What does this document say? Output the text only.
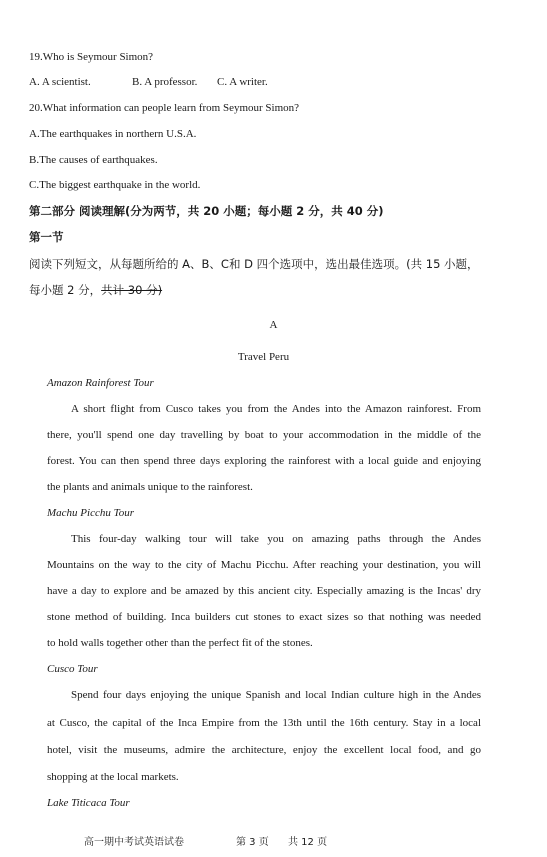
19.Who is Seymour Simon?
A. A scientist.	B. A professor. C. A writer.
20.What information can people learn from Seymour Simon?
A.The earthquakes in northern U.S.A.
B.The causes of earthquakes.
C.The biggest earthquake in the world.
第二部分 阅读理解(分为两节，共 20 小题；每小题 2 分，共 40 分)
第一节
阅读下列短文，从每题所给的 A、B、C和 D 四个选项中，选出最佳选项。(共 15 小题，
每小题 2 分，共计 30 分)
A
Travel Peru
Amazon Rainforest Tour
A short flight from Cusco takes you from the Andes into the Amazon rainforest. From
there, you'll spend one day travelling by boat to your accommodation in the middle of the
forest. You can then spend three days exploring the rainforest with a local guide and enjoying
the plants and animals unique to the rainforest.
Machu Picchu Tour
This four-day walking tour will take you on amazing paths through the Andes
Mountains on the way to the city of Machu Picchu. After reaching your destination, you will
have a day to explore and be amazed by this ancient city. Especially amazing is the Incas' dry
stone method of building. Inca builders cut stones to exact sizes so that nothing was needed
to hold walls together other than the perfect fit of the stones.
Cusco Tour
Spend four days enjoying the unique Spanish and local Indian culture high in the Andes
at Cusco, the capital of the Inca Empire from the 13th until the 16th century. Stay in a local
hotel, visit the museums, admire the architecture, enjoy the excellent local food, and go
shopping at the local markets.
Lake Titicaca Tour
高一期中考试英语试卷	第 3 页 共 12 页
